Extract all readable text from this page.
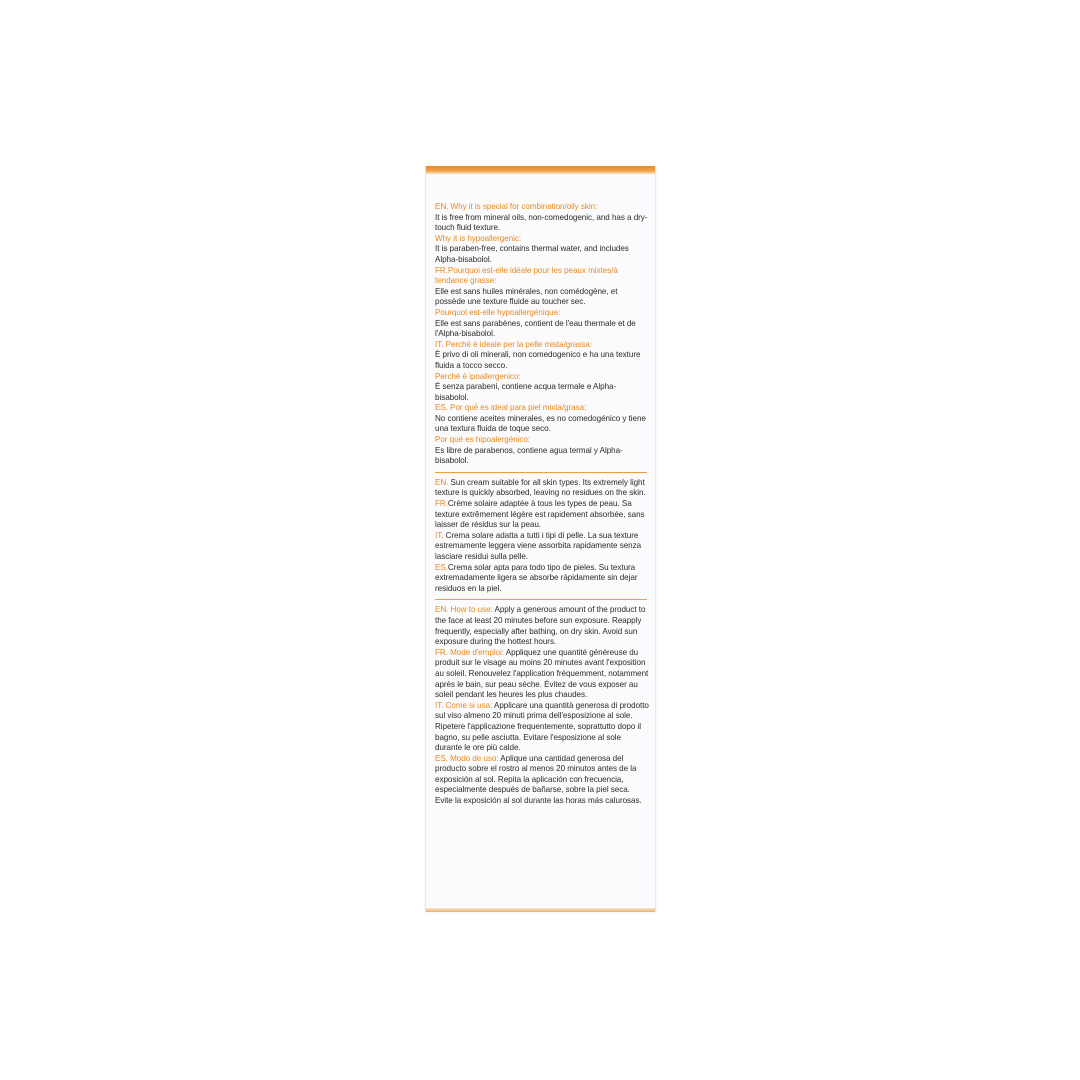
EN. Why it is special for combination/oily skin:

It is free from mineral oils, non-comedogenic, and has a dry-touch fluid texture.

Why it is hypoallergenic:

It is paraben-free, contains thermal water, and includes Alpha-bisabolol.

FR.Pourquoi est-elle idéale pour les peaux mixtes/à tendance grasse:

Elle est sans huiles minérales, non comédogène, et possède une texture fluide au toucher sec.

Pourquoi est-elle hypoallergénique:

Elle est sans parabènes, contient de l'eau thermale et de l'Alpha-bisabolol.

IT. Perché è ideale per la pelle mista/grassa:

È privo di oli minerali, non comedogenico e ha una texture fluida a tocco secco.

Perché è ipoallergenico:

È senza parabeni, contiene acqua termale e Alpha-bisabolol.

ES. Por qué es ideal para piel mixta/grasa:

No contiene aceites minerales, es no comedogénico y tiene una textura fluida de toque seco.

Por qué es hipoalergénico:

Es libre de parabenos, contiene agua termal y Alpha-bisabolol.

EN. Sun cream suitable for all skin types. Its extremely light texture is quickly absorbed, leaving no residues on the skin.

FR.Crème solaire adaptée à tous les types de peau. Sa texture extrêmement légère est rapidement absorbée, sans laisser de résidus sur la peau.

IT. Crema solare adatta a tutti i tipi di pelle. La sua texture estremamente leggera viene assorbita rapidamente senza lasciare residui sulla pelle.

ES.Crema solar apta para todo tipo de pieles. Su textura extremadamente ligera se absorbe rápidamente sin dejar residuos en la piel.

EN. How to use: Apply a generous amount of the product to the face at least 20 minutes before sun exposure. Reapply frequently, especially after bathing, on dry skin. Avoid sun exposure during the hottest hours.

FR. Mode d'emploi: Appliquez une quantité généreuse du produit sur le visage au moins 20 minutes avant l'exposition au soleil. Renouvelez l'application fréquemment, notamment après le bain, sur peau sèche. Évitez de vous exposer au soleil pendant les heures les plus chaudes.

IT. Come si usa: Applicare una quantità generosa di prodotto sul viso almeno 20 minuti prima dell'esposizione al sole. Ripetere l'applicazione frequentemente, soprattutto dopo il bagno, su pelle asciutta. Evitare l'esposizione al sole durante le ore più calde.

ES. Modo de uso: Aplique una cantidad generosa del producto sobre el rostro al menos 20 minutos antes de la exposición al sol. Repita la aplicación con frecuencia, especialmente después de bañarse, sobre la piel seca. Evite la exposición al sol durante las horas más calurosas.
